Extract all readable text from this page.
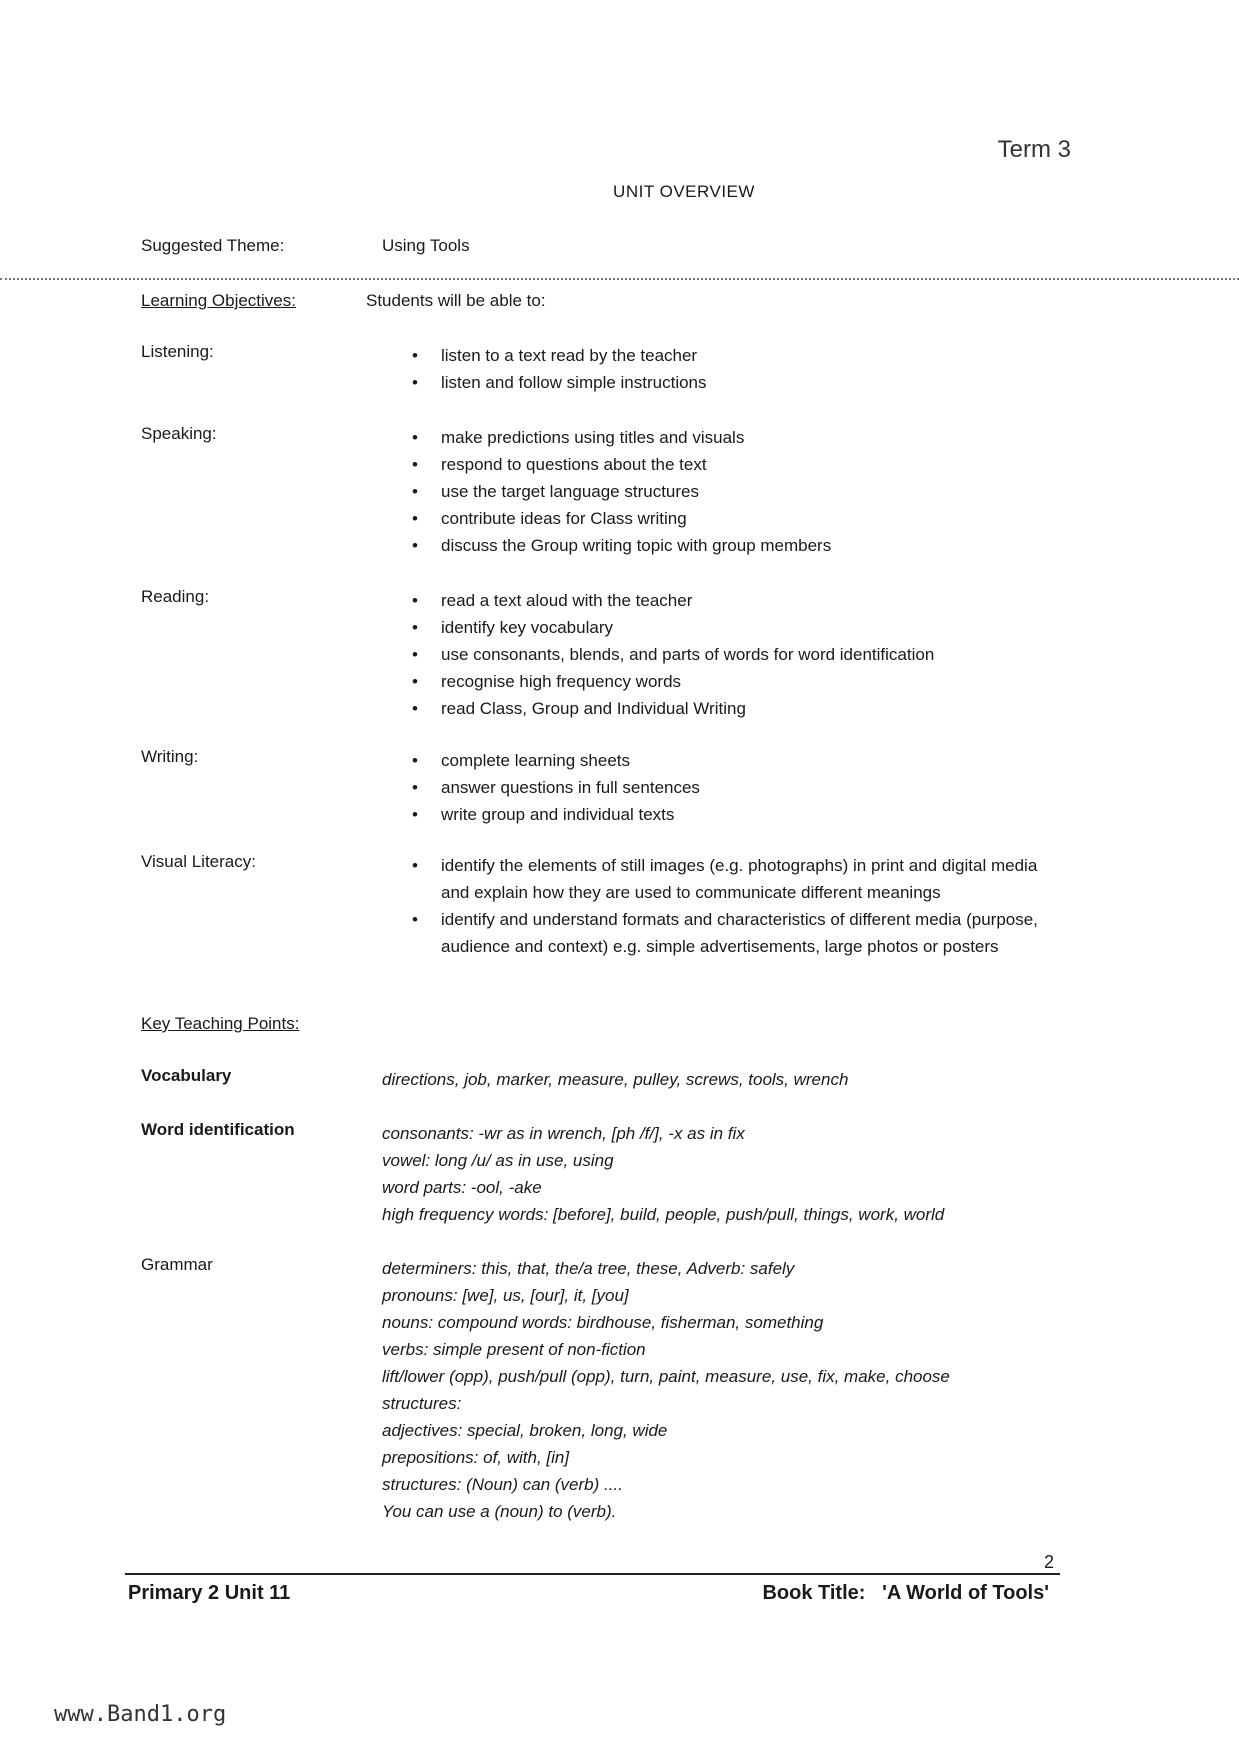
Term 3
UNIT OVERVIEW
Suggested Theme:	Using Tools
Learning Objectives:	Students will be able to:
Listening:	• listen to a text read by the teacher
• listen and follow simple instructions
Speaking:	• make predictions using titles and visuals
• respond to questions about the text
• use the target language structures
• contribute ideas for Class writing
• discuss the Group writing topic with group members
Reading:	• read a text aloud with the teacher
• identify key vocabulary
• use consonants, blends, and parts of words for word identification
• recognise high frequency words
• read Class, Group and Individual Writing
Writing:	• complete learning sheets
• answer questions in full sentences
• write group and individual texts
Visual Literacy:	• identify the elements of still images (e.g. photographs) in print and digital media and explain how they are used to communicate different meanings
• identify and understand formats and characteristics of different media (purpose, audience and context) e.g. simple advertisements, large photos or posters
Key Teaching Points:
Vocabulary	directions, job, marker, measure, pulley, screws, tools, wrench
Word identification	consonants: -wr as in wrench, [ph /f/], -x as in fix
vowel: long /u/ as in use, using
word parts: -ool, -ake
high frequency words: [before], build, people, push/pull, things, work, world
Grammar	determiners: this, that, the/a tree, these, Adverb: safely
pronouns: [we], us, [our], it, [you]
nouns: compound words: birdhouse, fisherman, something
verbs: simple present of non-fiction
lift/lower (opp), push/pull (opp), turn, paint, measure, use, fix, make, choose
structures:
adjectives: special, broken, long, wide
prepositions: of, with, [in]
structures: (Noun) can (verb) ....
You can use a (noun) to (verb).
2
Primary 2 Unit 11	Book Title: 'A World of Tools'
www.Band1.org
